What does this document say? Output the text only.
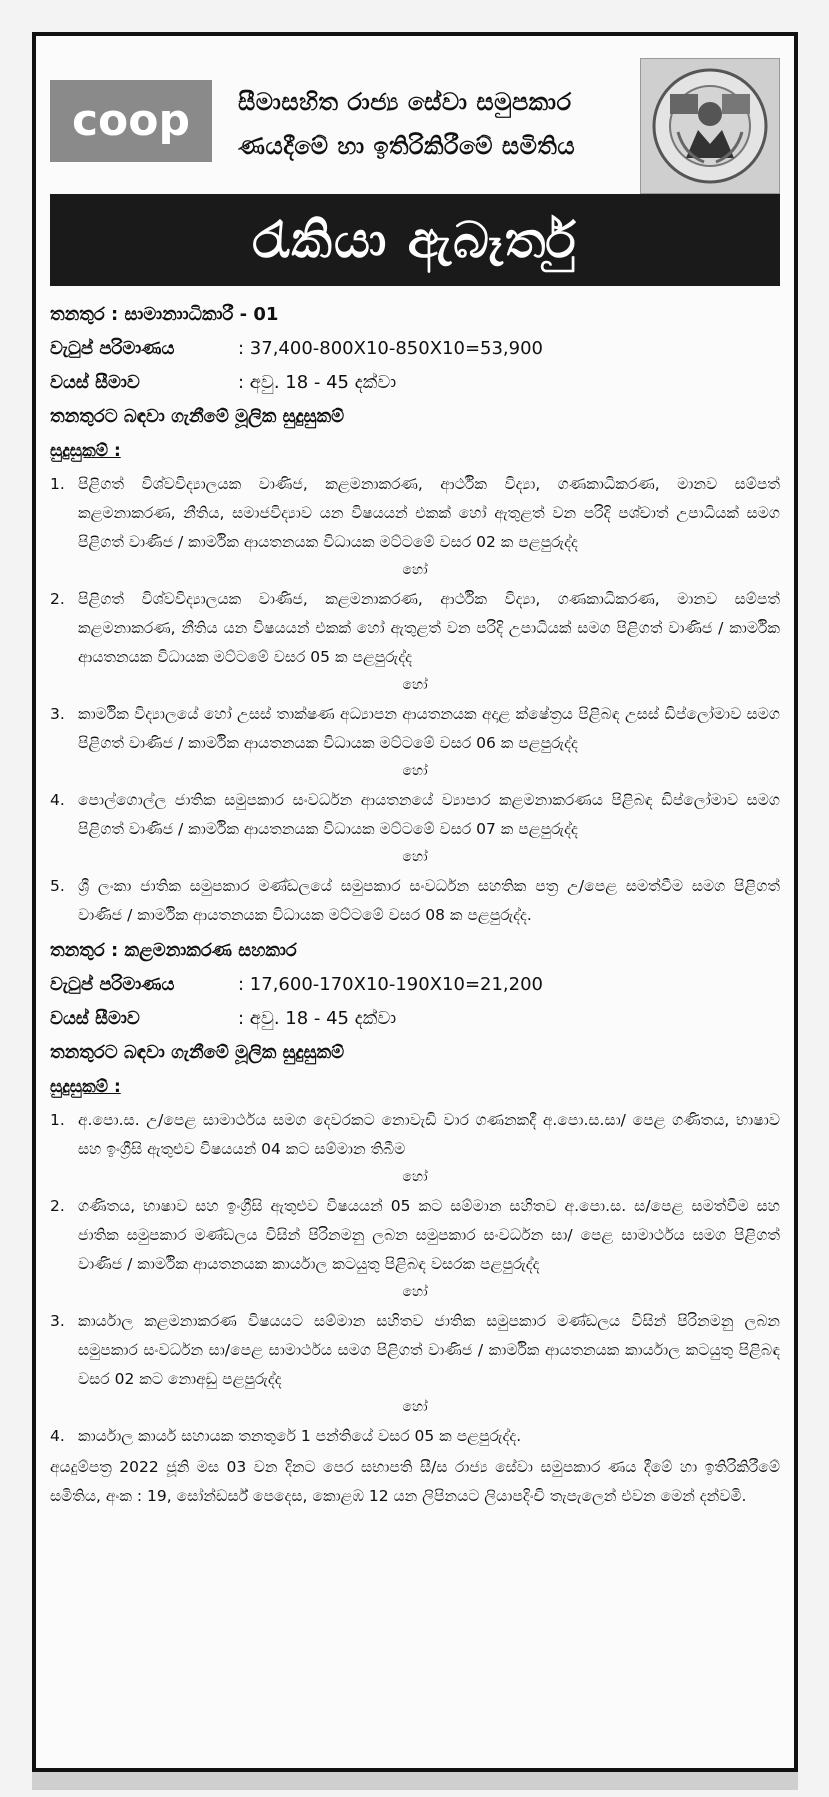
coop සීමාසහිත රාජ්‍ය සේවා සමුපකාර
ණයදීමේ හා ඉතිරිකිරීමේ සමිතිය
රැකියා ඇබෑර්තු
තනතුර : සාමානාාධිකාරී - 01
වැටුප් පරිමාණය	: 37,400-800X10-850X10=53,900
වයස් සීමාව	: අවු. 18 - 45 දක්වා
තනතුරට බඳවා ගැනීමේ මූලික සුදුසුකම්
සුදුසුකම් :
1. පිළිගත් විශ්වවිද්‍යාලයක වාණිජ, කළමනාකරණ, ආර්ථික විද්‍යා, ගණකාධිකරණ, මානව සම්පත් කළමනාකරණ, නීතිය, සමාජවිද්‍යාව යන විෂයයන් එකක් හෝ ඇතුළත් වන පරිදි පශ්චාත් උපාධියක් සමග පිළිගත් වාණිජ / කාර්මික ආයතනයක විධායක මට්ටමේ වසර 02 ක පළපුරුද්ද
හෝ
2. පිළිගත් විශ්වවිද්‍යාලයක වාණිජ, කළමනාකරණ, ආර්ථික විද්‍යා, ගණකාධිකරණ, මානව සම්පත් කළමනාකරණ, නීතිය යන විෂයයන් එකක් හෝ ඇතුළත් වන පරිදි උපාධියක් සමග පිළිගත් වාණිජ / කාර්මික ආයතනයක විධායක මට්ටමේ වසර 05 ක පළපුරුද්ද
හෝ
3. කාර්මික විද්‍යාලයේ හෝ උසස් තාක්ෂණ අධ්‍යාපන ආයතනයක අදාළ ක්ෂේත්‍රය පිළිබඳ උසස් ඩිප්ලෝමාව සමග පිළිගත් වාණිජ / කාර්මික ආයතනයක විධායක මට්ටමේ වසර 06 ක පළපුරුද්ද
හෝ
4. පොල්ගොල්ල ජාතික සමුපකාර සංවර්ධන ආයතනයේ ව්‍යාපාර කළමනාකරණය පිළිබඳ ඩිප්ලෝමාව සමග පිළිගත් වාණිජ / කාර්මික ආයතනයක විධායක මට්ටමේ වසර 07 ක පළපුරුද්ද
හෝ
5. ශ්‍රී ලංකා ජාතික සමුපකාර මණ්ඩලයේ සමුපකාර සංවර්ධන සහතික පත්‍ර උ/පෙළ සමත්වීම සමග පිළිගත් වාණිජ / කාර්මික ආයතනයක විධායක මට්ටමේ වසර 08 ක පළපුරුද්ද.
තනතුර : කළමනාකරණ සහකාර
වැටුප් පරිමාණය	: 17,600-170X10-190X10=21,200
වයස් සීමාව	: අවු. 18 - 45 දක්වා
තනතුරට බඳවා ගැනීමේ මූලික සුදුසුකම්
සුදුසුකම් :
1. අ.පො.ස. උ/පෙළ සාමාර්ථය සමග දෙවරකට නොවැඩි වාර ගණනකදී අ.පො.ස.සා/ පෙළ ගණිතය, භාෂාව සහ ඉංග්‍රීසි ඇතුළුව විෂයයන් 04 කට සම්මාන තිබීම
හෝ
2. ගණිතය, භාෂාව සහ ඉංග්‍රීසි ඇතුළුව විෂයයන් 05 කට සම්මාන සහිතව අ.පො.ස. ස/පෙළ සමත්වීම සහ ජාතික සමුපකාර මණ්ඩලය විසින් පිරිනමනු ලබන සමුපකාර සංවර්ධන සා/ පෙළ සාමාර්ථය සමග පිළිගත් වාණිජ / කාර්මික ආයතනයක කාර්යාල කටයුතු පිළිබඳ වසරක පළපුරුද්ද
හෝ
3. කාර්යාල කළමනාකරණ විෂයයට සම්මාන සහිතව ජාතික සමුපකාර මණ්ඩලය විසින් පිරිනමනු ලබන සමුපකාර සංවර්ධන සා/පෙළ සාමාර්ථය සමග පිළිගත් වාණිජ / කාර්මික ආයතනයක කාර්යාල කටයුතු පිළිබඳ වසර 02 කට නොඅඩු පළපුරුද්ද
හෝ
4. කාර්යාල කාර්ය සහායක තනතුරේ 1 පන්තියේ වසර 05 ක පළපුරුද්ද.
අයදුම්පත්‍ර 2022 ජූනි මස 03 වන දිනට පෙර සභාපති සී/ස රාජ්‍ය සේවා සමුපකාර ණය දීමේ හා ඉතිරිකිරීමේ සමිතිය, අංක : 19, සෝන්ඩර්ස් පෙදෙස, කොළඹ 12 යන ලිපිනයට ලියාපදිංචි තැපැලෙන් එවන මෙන් දන්වමි.
